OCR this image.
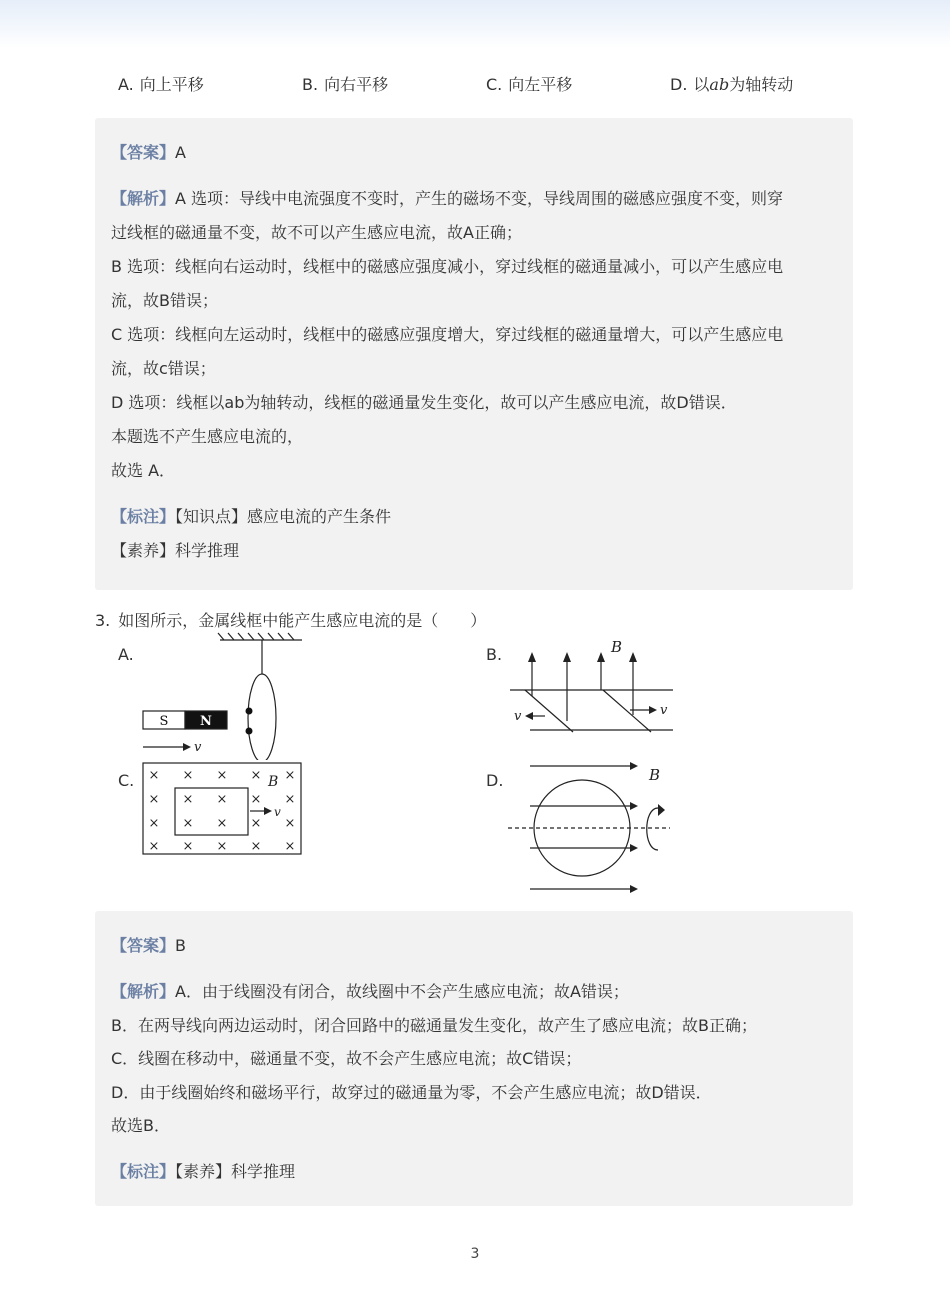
A. 向上平移	B. 向右平移	C. 向左平移	D. 以ab为轴转动
【答案】A
【解析】A 选项：导线中电流强度不变时，产生的磁场不变，导线周围的磁感应强度不变，则穿
过线框的磁通量不变，故不可以产生感应电流，故A正确；
B 选项：线框向右运动时，线框中的磁感应强度减小，穿过线框的磁通量减小，可以产生感应电
流，故B错误；
C 选项：线框向左运动时，线框中的磁感应强度增大，穿过线框的磁通量增大，可以产生感应电
流，故c错误；
D 选项：线框以ab为轴转动，线框的磁通量发生变化，故可以产生感应电流，故D错误．
本题选不产生感应电流的，
故选 A．
【标注】【知识点】感应电流的产生条件
【素养】科学推理
3. 如图所示，金属线框中能产生感应电流的是（　　）
A.	B.
C.	D.
S N
v
B
v	v
× × × × ×
× × × × ×
× × × × ×
× × × × ×
v
B	B
【答案】B
【解析】A．由于线圈没有闭合，故线圈中不会产生感应电流；故A错误；
B．在两导线向两边运动时，闭合回路中的磁通量发生变化，故产生了感应电流；故B正确；
C．线圈在移动中，磁通量不变，故不会产生感应电流；故C错误；
D．由于线圈始终和磁场平行，故穿过的磁通量为零，不会产生感应电流；故D错误．
故选B．
【标注】【素养】科学推理
3
